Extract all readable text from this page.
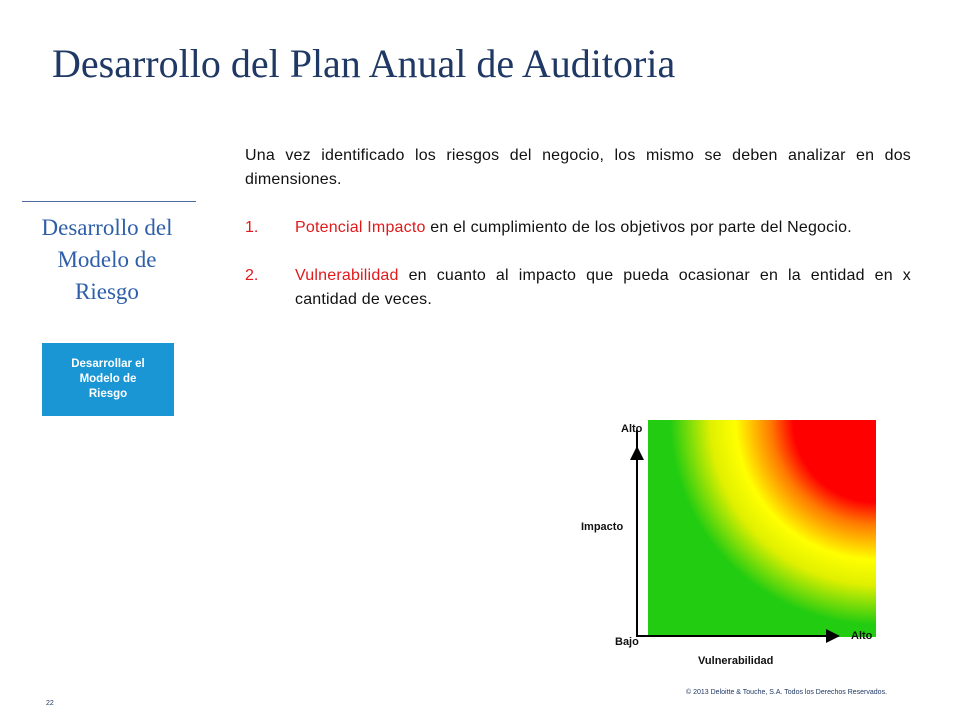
Desarrollo del Plan Anual de Auditoria
Desarrollo del Modelo de Riesgo
Desarrollar el Modelo de Riesgo
Una vez identificado los riesgos del negocio, los mismo se deben analizar en dos dimensiones.
1.	Potencial Impacto en el cumplimiento de los objetivos por parte del Negocio.
2.	Vulnerabilidad en cuanto al impacto que pueda ocasionar en la entidad en x cantidad de veces.
Alto
Impacto
Bajo	Alto
Vulnerabilidad
22
© 2013 Deloitte & Touche, S.A. Todos los Derechos Reservados.
